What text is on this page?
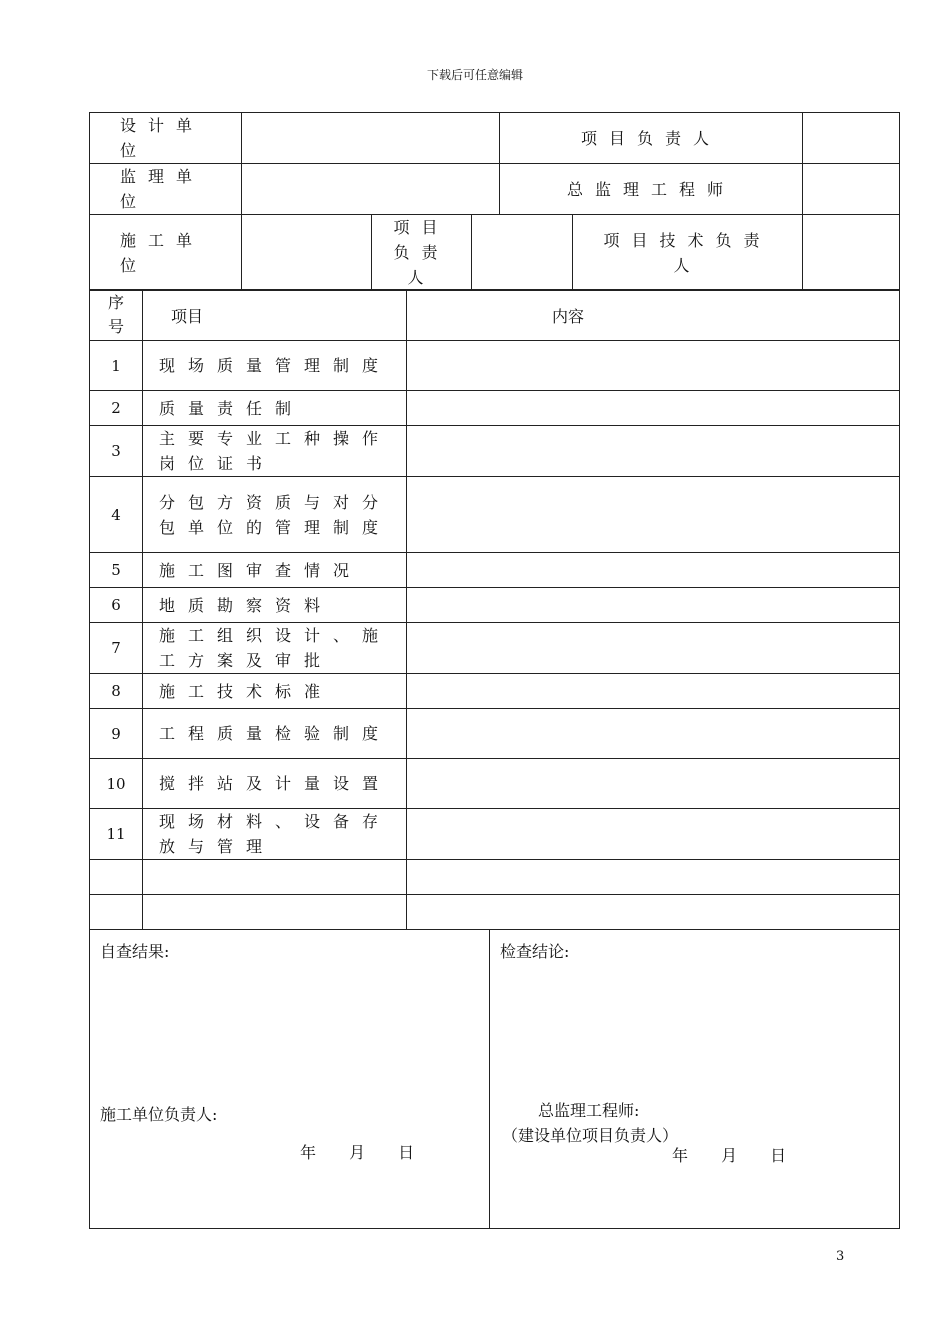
下载后可任意编辑
设计单位				项目负责人		
监理单位				总监理工程师		
施工单位		项目负责人			项目技术负责人	
序号	项目	内容

1	现场质量管理制度	
2	质量责任制	
3	主要专业工种操作岗位证书	
4	分包方资质与对分包单位的管理制度	
5	施工图审查情况	
6	地质勘察资料	
7	施工组织设计、施工方案及审批	
8	施工技术标准	
9	工程质量检验制度	
10	搅拌站及计量设置	
11	现场材料、设备存放与管理	

自查结果:
施工单位负责人:
年 月 日

检查结论:
总监理工程师:
（建设单位项目负责人）
年 月 日
3
